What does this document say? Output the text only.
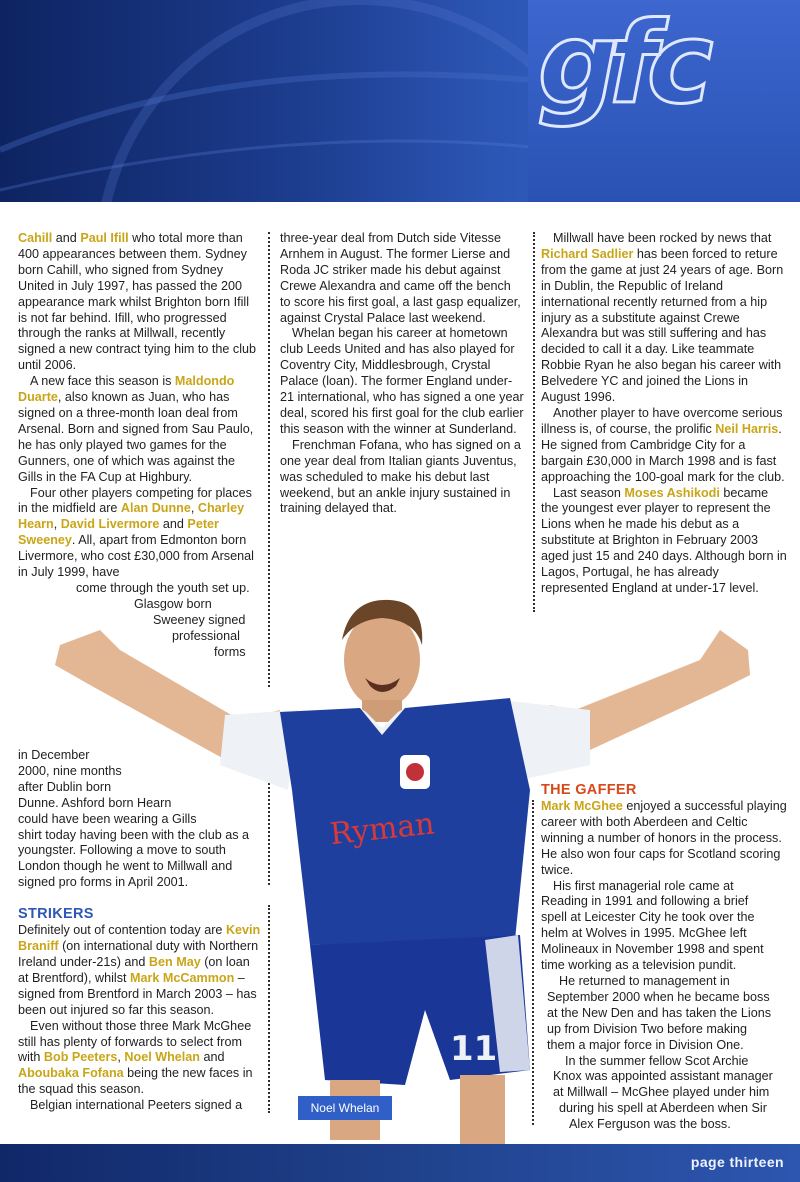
gfc

Cahill and Paul Ifill who total more than 400 appearances between them. Sydney born Cahill, who signed from Sydney United in July 1997, has passed the 200 appearance mark whilst Brighton born Ifill is not far behind. Ifill, who progressed through the ranks at Millwall, recently signed a new contract tying him to the club until 2006.

A new face this season is Maldondo Duarte, also known as Juan, who has signed on a three-month loan deal from Arsenal. Born and signed from Sau Paulo, he has only played two games for the Gunners, one of which was against the Gills in the FA Cup at Highbury.

Four other players competing for places in the midfield are Alan Dunne, Charley Hearn, David Livermore and Peter Sweeney. All, apart from Edmonton born Livermore, who cost £30,000 from Arsenal in July 1999, have

come through the youth set up.

Glasgow born

Sweeney signed

professional

forms

in December

2000, nine months

after Dublin born

Dunne. Ashford born Hearn

could have been wearing a Gills

shirt today having been with the club as a youngster. Following a move to south London though he went to Millwall and signed pro forms in April 2001.

STRIKERS

Definitely out of contention today are Kevin Braniff (on international duty with Northern Ireland under-21s) and Ben May (on loan at Brentford), whilst Mark McCammon – signed from Brentford in March 2003 – has been out injured so far this season.

Even without those three Mark McGhee still has plenty of forwards to select from with Bob Peeters, Noel Whelan and Aboubaka Fofana being the new faces in the squad this season.

Belgian international Peeters signed a

three-year deal from Dutch side Vitesse Arnhem in August. The former Lierse and Roda JC striker made his debut against Crewe Alexandra and came off the bench to score his first goal, a last gasp equalizer, against Crystal Palace last weekend.

Whelan began his career at hometown club Leeds United and has also played for Coventry City, Middlesbrough, Crystal Palace (loan). The former England under-21 international, who has signed a one year deal, scored his first goal for the club earlier this season with the winner at Sunderland.

Frenchman Fofana, who has signed on a one year deal from Italian giants Juventus, was scheduled to make his debut last weekend, but an ankle injury sustained in training delayed that.

Millwall have been rocked by news that Richard Sadlier has been forced to reture from the game at just 24 years of age. Born in Dublin, the Republic of Ireland international recently returned from a hip injury as a substitute against Crewe Alexandra but was still suffering and has decided to call it a day. Like teammate Robbie Ryan he also began his career with Belvedere YC and joined the Lions in August 1996.

Another player to have overcome serious illness is, of course, the prolific Neil Harris. He signed from Cambridge City for a bargain £30,000 in March 1998 and is fast approaching the 100-goal mark for the club.

Last season Moses Ashikodi became the youngest ever player to represent the Lions when he made his debut as a substitute at Brighton in February 2003 aged just 15 and 240 days. Although born in Lagos, Portugal, he has already represented England at under-17 level.

Ryman
11
Noel Whelan

THE GAFFER

Mark McGhee enjoyed a successful playing career with both Aberdeen and Celtic winning a number of honors in the process. He also won four caps for Scotland scoring twice.

His first managerial role came at

Reading in 1991 and following a brief

spell at Leicester City he took over the

helm at Wolves in 1995. McGhee left

Molineaux in November 1998 and spent

time working as a television pundit.

He returned to management in

September 2000 when he became boss

at the New Den and has taken the Lions

up from Division Two before making

them a major force in Division One.

In the summer fellow Scot Archie

Knox was appointed assistant manager

at Millwall – McGhee played under him

during his spell at Aberdeen when Sir

Alex Ferguson was the boss.

page thirteen
